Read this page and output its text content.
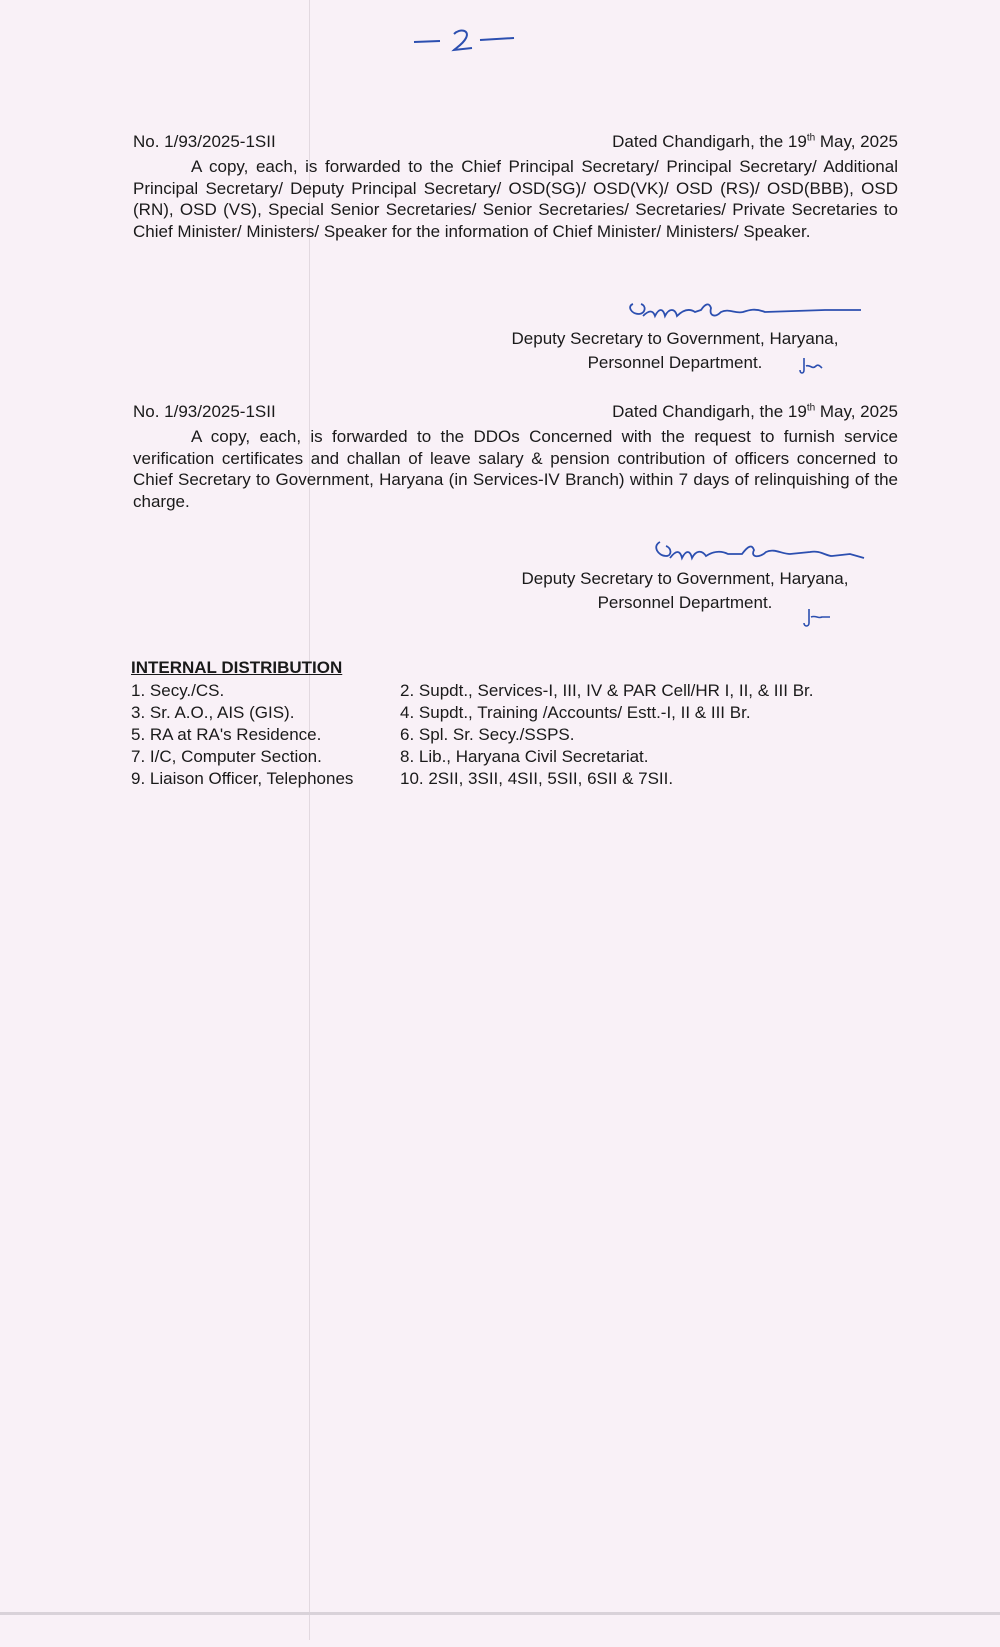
No. 1/93/2025-1SII	Dated Chandigarh, the 19th May, 2025

A copy, each, is forwarded to the Chief Principal Secretary/ Principal Secretary/ Additional Principal Secretary/ Deputy Principal Secretary/ OSD(SG)/ OSD(VK)/ OSD (RS)/ OSD(BBB), OSD (RN), OSD (VS), Special Senior Secretaries/ Senior Secretaries/ Secretaries/ Private Secretaries to Chief Minister/ Ministers/ Speaker for the information of Chief Minister/ Ministers/ Speaker.

Deputy Secretary to Government, Haryana,
Personnel Department.
No. 1/93/2025-1SII	Dated Chandigarh, the 19th May, 2025

A copy, each, is forwarded to the DDOs Concerned with the request to furnish service verification certificates and challan of leave salary & pension contribution of officers concerned to Chief Secretary to Government, Haryana (in Services-IV Branch) within 7 days of relinquishing of the charge.

Deputy Secretary to Government, Haryana,
Personnel Department.
INTERNAL DISTRIBUTION
1. Secy./CS.	2. Supdt., Services-I, III, IV & PAR Cell/HR I, II, & III Br.
3. Sr. A.O., AIS (GIS).	4. Supdt., Training /Accounts/ Estt.-I, II & III Br.
5. RA at RA's Residence.	6. Spl. Sr. Secy./SSPS.
7. I/C, Computer Section.	8. Lib., Haryana Civil Secretariat.
9. Liaison Officer, Telephones	10. 2SII, 3SII, 4SII, 5SII, 6SII & 7SII.
